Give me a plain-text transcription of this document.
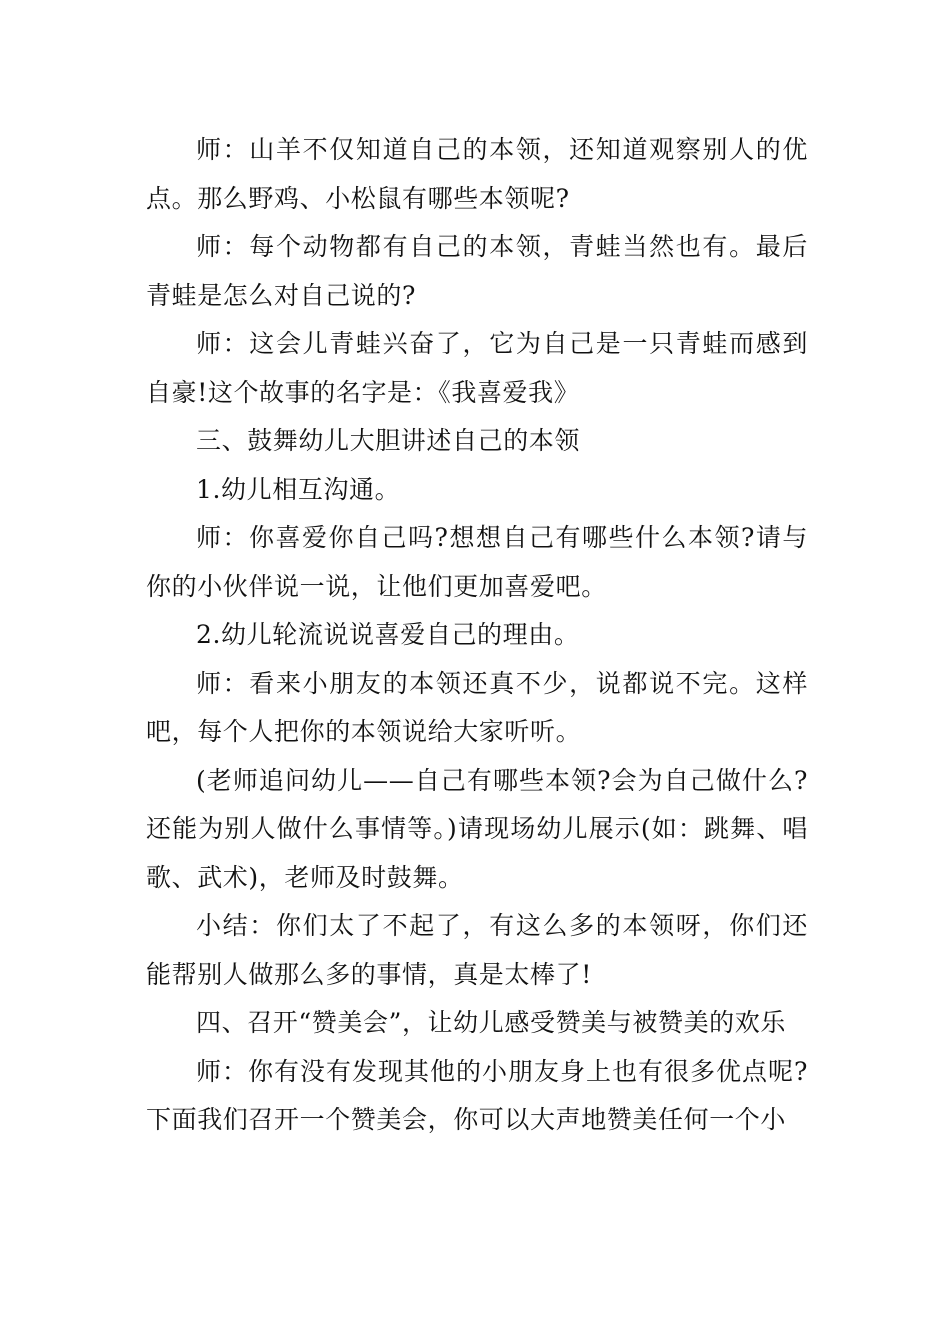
师：山羊不仅知道自己的本领，还知道观察别人的优点。那么野鸡、小松鼠有哪些本领呢?

师：每个动物都有自己的本领，青蛙当然也有。最后青蛙是怎么对自己说的?

师：这会儿青蛙兴奋了，它为自己是一只青蛙而感到自豪!这个故事的名字是：《我喜爱我》

三、鼓舞幼儿大胆讲述自己的本领

1.幼儿相互沟通。

师：你喜爱你自己吗?想想自己有哪些什么本领?请与你的小伙伴说一说，让他们更加喜爱吧。

2.幼儿轮流说说喜爱自己的理由。

师：看来小朋友的本领还真不少，说都说不完。这样吧，每个人把你的本领说给大家听听。

(老师追问幼儿——自己有哪些本领?会为自己做什么?还能为别人做什么事情等。)请现场幼儿展示(如：跳舞、唱歌、武术)，老师及时鼓舞。

小结：你们太了不起了，有这么多的本领呀，你们还能帮别人做那么多的事情，真是太棒了!

四、召开“赞美会”，让幼儿感受赞美与被赞美的欢乐

师：你有没有发现其他的小朋友身上也有很多优点呢?下面我们召开一个赞美会，你可以大声地赞美任何一个小
